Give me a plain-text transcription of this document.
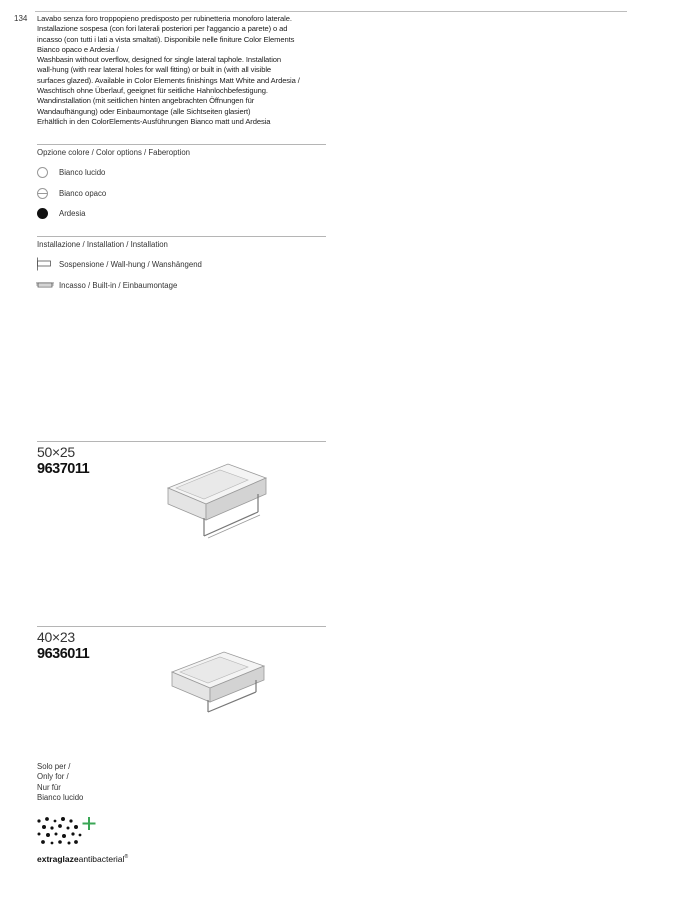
134 Lavabo senza foro troppopieno predisposto per rubinetteria monoforo laterale.
Installazione sospesa (con fori laterali posteriori per l'aggancio a parete) o ad
incasso (con tutti i lati a vista smaltati). Disponibile nelle finiture Color Elements
Bianco opaco e Ardesia /
Washbasin without overflow, designed for single lateral taphole. Installation
wall-hung (with rear lateral holes for wall fitting) or built in (with all visible
surfaces glazed). Available in Color Elements finishings Matt White and Ardesia /
Waschtisch ohne Überlauf, geeignet für seitliche Hahnlochbefestigung.
Wandinstallation (mit seitlichen hinten angebrachten Öffnungen für
Wandaufhängung) oder Einbaumontage (alle Sichtseiten glasiert)
Erhältlich in den ColorElements-Ausführungen Bianco matt und Ardesia

Opzione colore / Color options / Faberoption
Bianco lucido
Bianco opaco
Ardesia
Installazione / Installation / Installation
Sospensione / Wall-hung / Wanshängend
Incasso / Built-in / Einbaumontage
50×25
9637011
40×23
9636011
Solo per /
Only for /
Nur für
Bianco lucido
extraglazeantibacterial®
